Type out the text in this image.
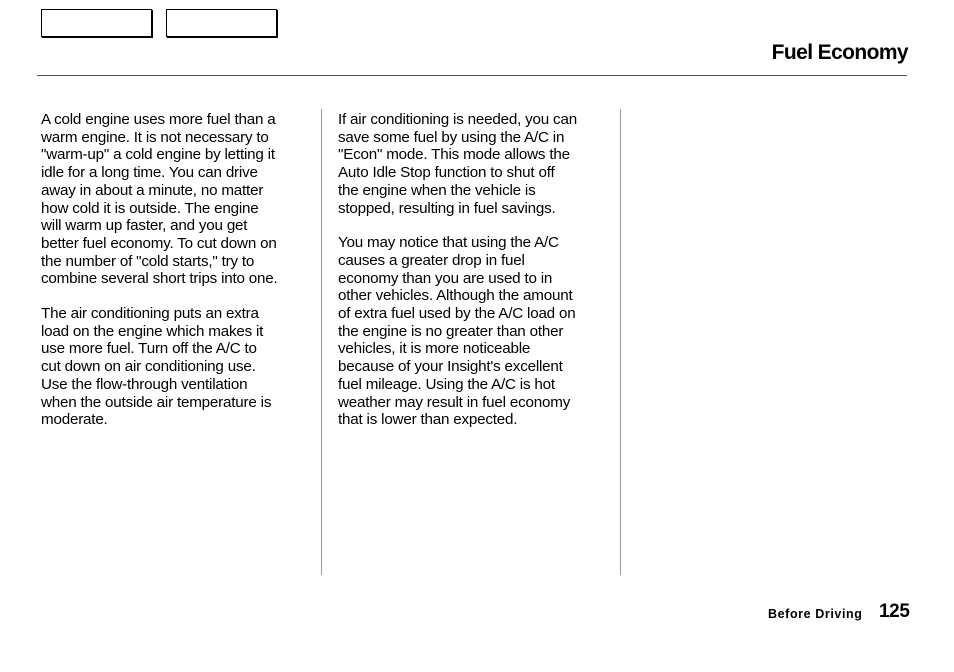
Fuel Economy
A cold engine uses more fuel than a
warm engine. It is not necessary to
"warm-up" a cold engine by letting it
idle for a long time. You can drive
away in about a minute, no matter
how cold it is outside. The engine
will warm up faster, and you get
better fuel economy. To cut down on
the number of "cold starts," try to
combine several short trips into one.
The air conditioning puts an extra
load on the engine which makes it
use more fuel. Turn off the A/C to
cut down on air conditioning use.
Use the flow-through ventilation
when the outside air temperature is
moderate.
If air conditioning is needed, you can
save some fuel by using the A/C in
"Econ" mode. This mode allows the
Auto Idle Stop function to shut off
the engine when the vehicle is
stopped, resulting in fuel savings.
You may notice that using the A/C
causes a greater drop in fuel
economy than you are used to in
other vehicles. Although the amount
of extra fuel used by the A/C load on
the engine is no greater than other
vehicles, it is more noticeable
because of your Insight's excellent
fuel mileage. Using the A/C is hot
weather may result in fuel economy
that is lower than expected.
Before Driving 125
